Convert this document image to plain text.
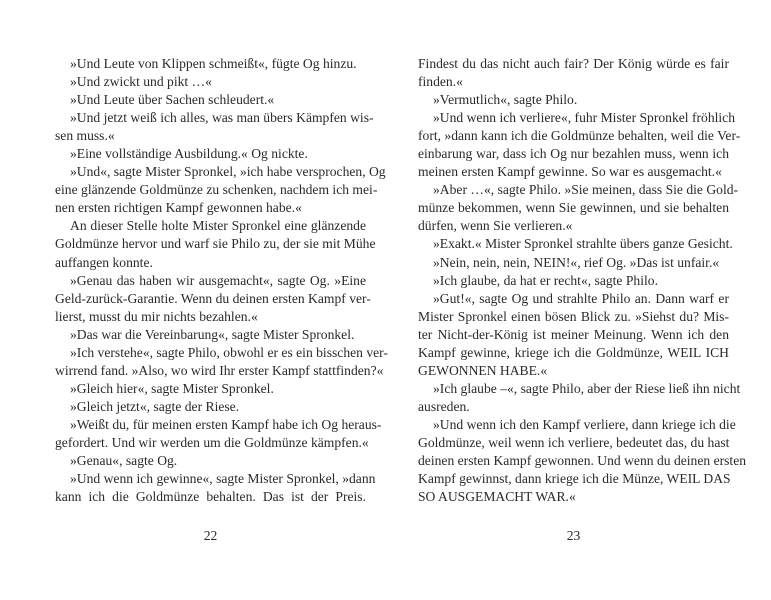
»Und Leute von Klippen schmeißt«, fügte Og hinzu.
»Und zwickt und pikt …«
»Und Leute über Sachen schleudert.«
»Und jetzt weiß ich alles, was man übers Kämpfen wis-
sen muss.«
»Eine vollständige Ausbildung.« Og nickte.
»Und«, sagte Mister Spronkel, »ich habe versprochen, Og
eine glänzende Goldmünze zu schenken, nachdem ich mei-
nen ersten richtigen Kampf gewonnen habe.«
An dieser Stelle holte Mister Spronkel eine glänzende
Goldmünze hervor und warf sie Philo zu, der sie mit Mühe
auffangen konnte.
»Genau das haben wir ausgemacht«, sagte Og. »Eine
Geld-zurück-Garantie. Wenn du deinen ersten Kampf ver-
lierst, musst du mir nichts bezahlen.«
»Das war die Vereinbarung«, sagte Mister Spronkel.
»Ich verstehe«, sagte Philo, obwohl er es ein bisschen ver-
wirrend fand. »Also, wo wird Ihr erster Kampf stattfinden?«
»Gleich hier«, sagte Mister Spronkel.
»Gleich jetzt«, sagte der Riese.
»Weißt du, für meinen ersten Kampf habe ich Og heraus-
gefordert. Und wir werden um die Goldmünze kämpfen.«
»Genau«, sagte Og.
»Und wenn ich gewinne«, sagte Mister Spronkel, »dann
kann ich die Goldmünze behalten. Das ist der Preis.
22
Findest du das nicht auch fair? Der König würde es fair
finden.«
»Vermutlich«, sagte Philo.
»Und wenn ich verliere«, fuhr Mister Spronkel fröhlich
fort, »dann kann ich die Goldmünze behalten, weil die Ver-
einbarung war, dass ich Og nur bezahlen muss, wenn ich
meinen ersten Kampf gewinne. So war es ausgemacht.«
»Aber …«, sagte Philo. »Sie meinen, dass Sie die Gold-
münze bekommen, wenn Sie gewinnen, und sie behalten
dürfen, wenn Sie verlieren.«
»Exakt.« Mister Spronkel strahlte übers ganze Gesicht.
»Nein, nein, nein, NEIN!«, rief Og. »Das ist unfair.«
»Ich glaube, da hat er recht«, sagte Philo.
»Gut!«, sagte Og und strahlte Philo an. Dann warf er
Mister Spronkel einen bösen Blick zu. »Siehst du? Mis-
ter Nicht-der-König ist meiner Meinung. Wenn ich den
Kampf gewinne, kriege ich die Goldmünze, WEIL ICH
GEWONNEN HABE.«
»Ich glaube –«, sagte Philo, aber der Riese ließ ihn nicht
ausreden.
»Und wenn ich den Kampf verliere, dann kriege ich die
Goldmünze, weil wenn ich verliere, bedeutet das, du hast
deinen ersten Kampf gewonnen. Und wenn du deinen ersten
Kampf gewinnst, dann kriege ich die Münze, WEIL DAS
SO AUSGEMACHT WAR.«
23
